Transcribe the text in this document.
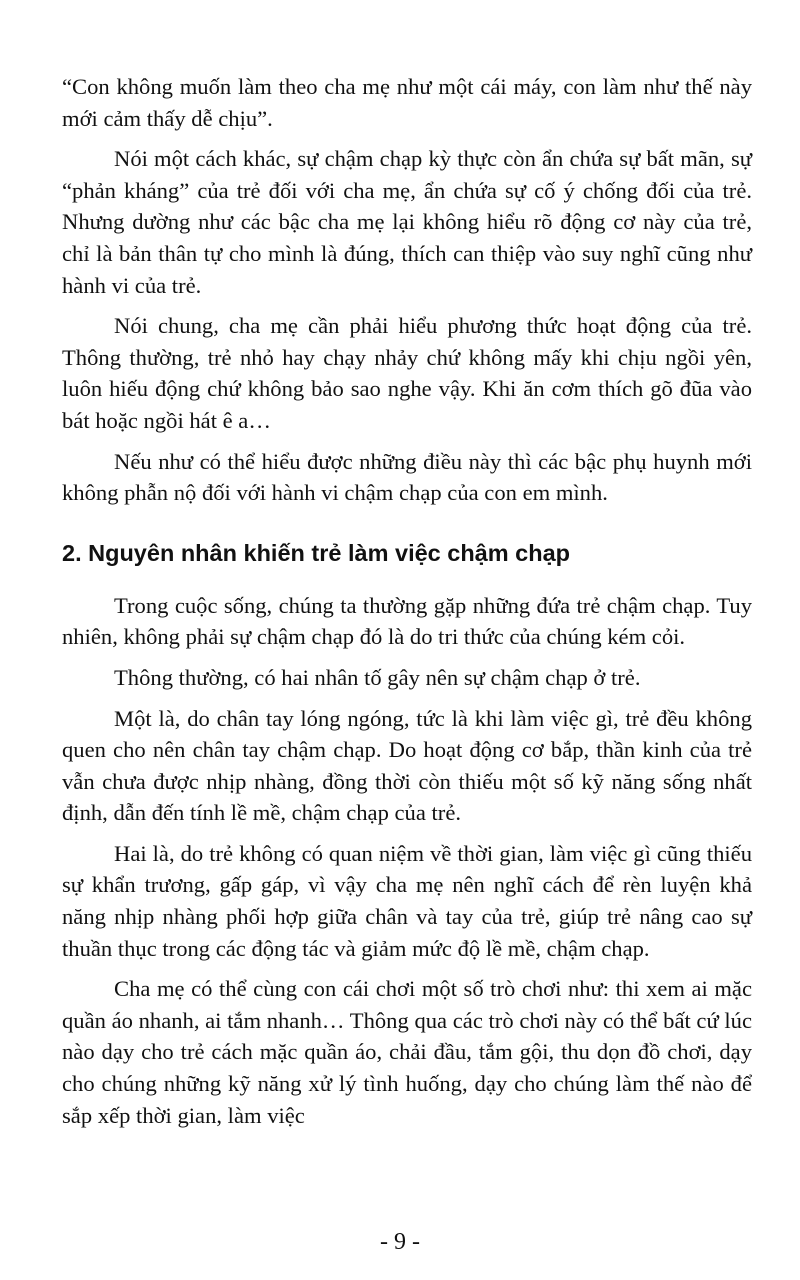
“Con không muốn làm theo cha mẹ như một cái máy, con làm như thế này mới cảm thấy dễ chịu”.

Nói một cách khác, sự chậm chạp kỳ thực còn ẩn chứa sự bất mãn, sự “phản kháng” của trẻ đối với cha mẹ, ẩn chứa sự cố ý chống đối của trẻ. Nhưng dường như các bậc cha mẹ lại không hiểu rõ động cơ này của trẻ, chỉ là bản thân tự cho mình là đúng, thích can thiệp vào suy nghĩ cũng như hành vi của trẻ.

Nói chung, cha mẹ cần phải hiểu phương thức hoạt động của trẻ. Thông thường, trẻ nhỏ hay chạy nhảy chứ không mấy khi chịu ngồi yên, luôn hiếu động chứ không bảo sao nghe vậy. Khi ăn cơm thích gõ đũa vào bát hoặc ngồi hát ê a…

Nếu như có thể hiểu được những điều này thì các bậc phụ huynh mới không phẫn nộ đối với hành vi chậm chạp của con em mình.

2. Nguyên nhân khiến trẻ làm việc chậm chạp

Trong cuộc sống, chúng ta thường gặp những đứa trẻ chậm chạp. Tuy nhiên, không phải sự chậm chạp đó là do tri thức của chúng kém cỏi.

Thông thường, có hai nhân tố gây nên sự chậm chạp ở trẻ.

Một là, do chân tay lóng ngóng, tức là khi làm việc gì, trẻ đều không quen cho nên chân tay chậm chạp. Do hoạt động cơ bắp, thần kinh của trẻ vẫn chưa được nhịp nhàng, đồng thời còn thiếu một số kỹ năng sống nhất định, dẫn đến tính lề mề, chậm chạp của trẻ.

Hai là, do trẻ không có quan niệm về thời gian, làm việc gì cũng thiếu sự khẩn trương, gấp gáp, vì vậy cha mẹ nên nghĩ cách để rèn luyện khả năng nhịp nhàng phối hợp giữa chân và tay của trẻ, giúp trẻ nâng cao sự thuần thục trong các động tác và giảm mức độ lề mề, chậm chạp.

Cha mẹ có thể cùng con cái chơi một số trò chơi như: thi xem ai mặc quần áo nhanh, ai tắm nhanh… Thông qua các trò chơi này có thể bất cứ lúc nào dạy cho trẻ cách mặc quần áo, chải đầu, tắm gội, thu dọn đồ chơi, dạy cho chúng những kỹ năng xử lý tình huống, dạy cho chúng làm thế nào để sắp xếp thời gian, làm việc

- 9 -
